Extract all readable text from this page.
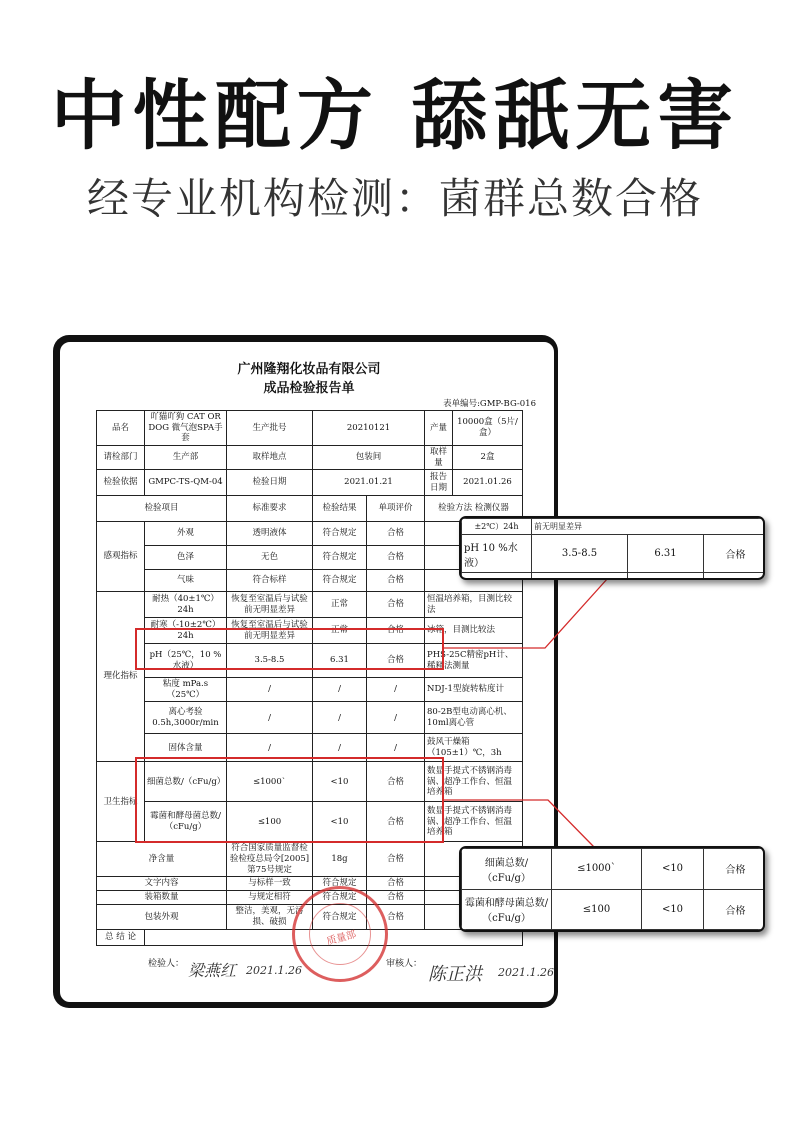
中性配方 舔舐无害
经专业机构检测：菌群总数合格
广州隆翔化妆品有限公司
成品检验报告单
表单编号:GMP-BG-016
品名	吖猫吖狗 CAT OR DOG 微气泡SPA手套	生产批号	20210121		产量	10000盒（5片/盒）
请检部门	生产部	取样地点	包装间		取样量	2盒
检验依据	GMPC-TS-QM-04	检验日期	2021.01.21		报告日期	2021.01.26
检验项目		标准要求	检验结果	单项评价	检验方法 检测仪器	
感观指标	外观	透明液体	符合规定	合格		
	色泽	无色	符合规定	合格		
	气味	符合标样	符合规定	合格		
理化指标	耐热（40±1℃）24h	恢复至室温后与试验前无明显差异	正常	合格	恒温培养箱，目测比较法	
	耐寒（-10±2℃）24h	恢复至室温后与试验前无明显差异	正常	合格	冰箱，目测比较法	
	pH（25℃，10 %水液）	3.5-8.5	6.31	合格	PHS-25C精密pH计、稀释法测量	
	粘度 mPa.s（25℃）	/	/	/	NDJ-1型旋转粘度计	
	离心考验 0.5h,3000r/min	/	/	/	80-2B型电动离心机、10ml离心管	
	固体含量	/	/	/	鼓风干燥箱（105±1）℃，3h	
卫生指标	细菌总数/（cFu/g）	≤1000`	<10	合格	数显手提式不锈钢消毒锅、超净工作台、恒温培养箱	
	霉菌和酵母菌总数/（cFu/g）	≤100	<10	合格	数显手提式不锈钢消毒锅、超净工作台、恒温培养箱	
净含量		符合国家质量监督检验检疫总局令[2005]第75号规定	18g	合格		
文字内容		与标样一致	符合规定	合格		
装箱数量		与规定相符	符合规定	合格		
包装外观		整洁，美观，无污损、破损	符合规定	合格		
总 结 论							质量部
检验人： 梁燕红 2021.1.26	审核人： 陈正洪 2021.1.26
±2℃）24h	前无明显差异		
pH 10 %水液）	3.5-8.5	6.31	合格

细菌总数/（cFu/g）	≤1000`	<10	合格
霉菌和酵母菌总数/（cFu/g）	≤100	<10	合格
